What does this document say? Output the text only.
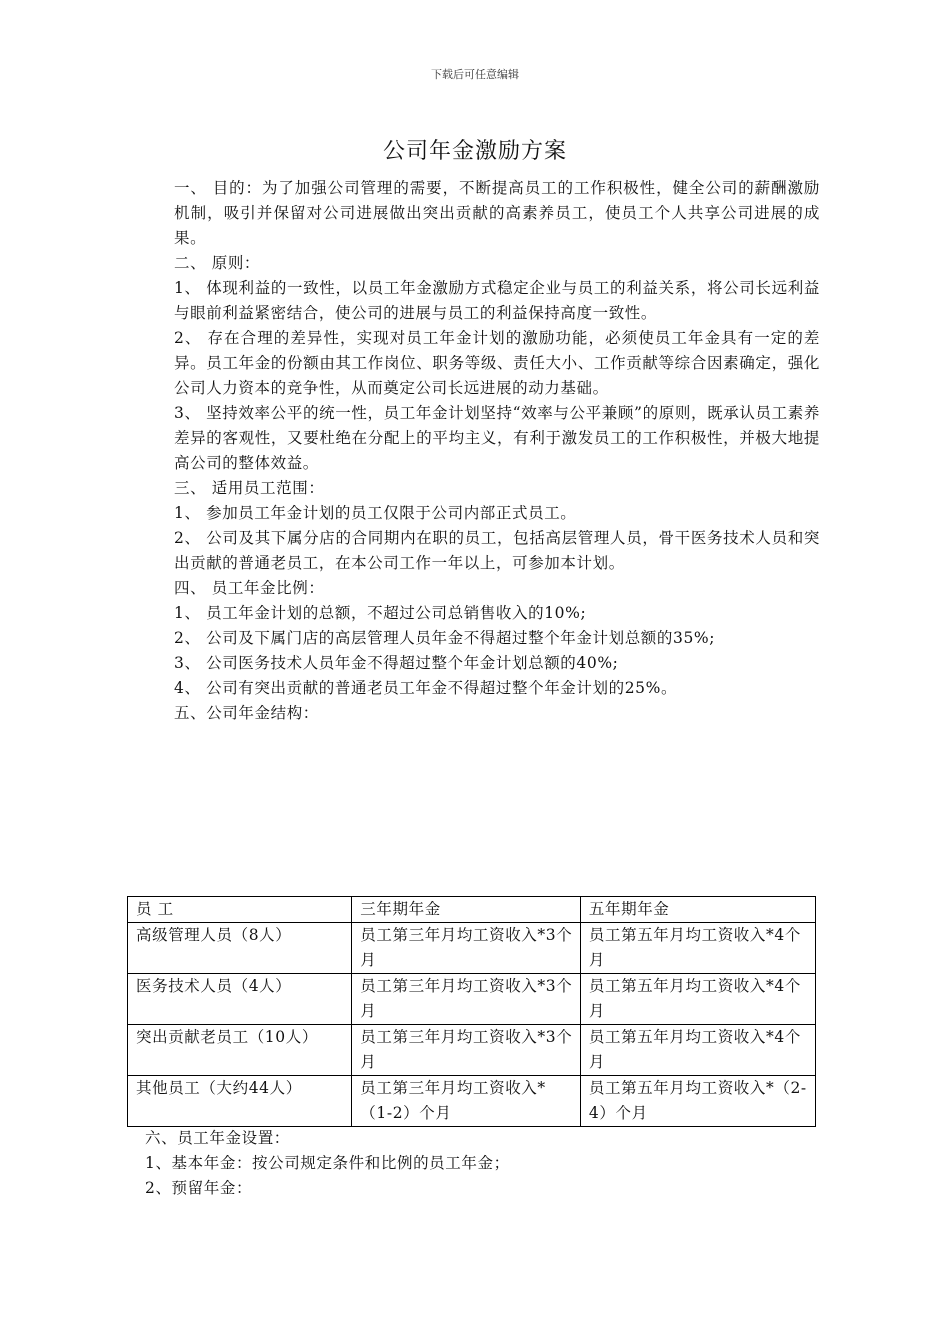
下载后可任意编辑
公司年金激励方案

一、 目的：为了加强公司管理的需要，不断提高员工的工作积极性，健全公司的薪酬激励机制，吸引并保留对公司进展做出突出贡献的高素养员工，使员工个人共享公司进展的成果。

二、 原则：

1、 体现利益的一致性，以员工年金激励方式稳定企业与员工的利益关系，将公司长远利益与眼前利益紧密结合，使公司的进展与员工的利益保持高度一致性。

2、 存在合理的差异性，实现对员工年金计划的激励功能，必须使员工年金具有一定的差异。员工年金的份额由其工作岗位、职务等级、责任大小、工作贡献等综合因素确定，强化公司人力资本的竞争性，从而奠定公司长远进展的动力基础。

3、 坚持效率公平的统一性，员工年金计划坚持“效率与公平兼顾”的原则，既承认员工素养差异的客观性，又要杜绝在分配上的平均主义，有利于激发员工的工作积极性，并极大地提高公司的整体效益。

三、 适用员工范围：

1、 参加员工年金计划的员工仅限于公司内部正式员工。

2、 公司及其下属分店的合同期内在职的员工，包括高层管理人员，骨干医务技术人员和突出贡献的普通老员工，在本公司工作一年以上，可参加本计划。

四、 员工年金比例：

1、 员工年金计划的总额，不超过公司总销售收入的10%;

2、 公司及下属门店的高层管理人员年金不得超过整个年金计划总额的35%;

3、 公司医务技术人员年金不得超过整个年金计划总额的40%;

4、 公司有突出贡献的普通老员工年金不得超过整个年金计划的25%。

五、公司年金结构：

员 工	三年期年金	五年期年金
高级管理人员（8人）	员工第三年月均工资收入*3个月	员工第五年月均工资收入*4个月
医务技术人员（4人）	员工第三年月均工资收入*3个月	员工第五年月均工资收入*4个月
突出贡献老员工（10人）	员工第三年月均工资收入*3个月	员工第五年月均工资收入*4个月
其他员工（大约44人）	员工第三年月均工资收入*（1-2）个月	员工第五年月均工资收入*（2-4）个月

六、员工年金设置：

1、基本年金：按公司规定条件和比例的员工年金；

2、预留年金：
